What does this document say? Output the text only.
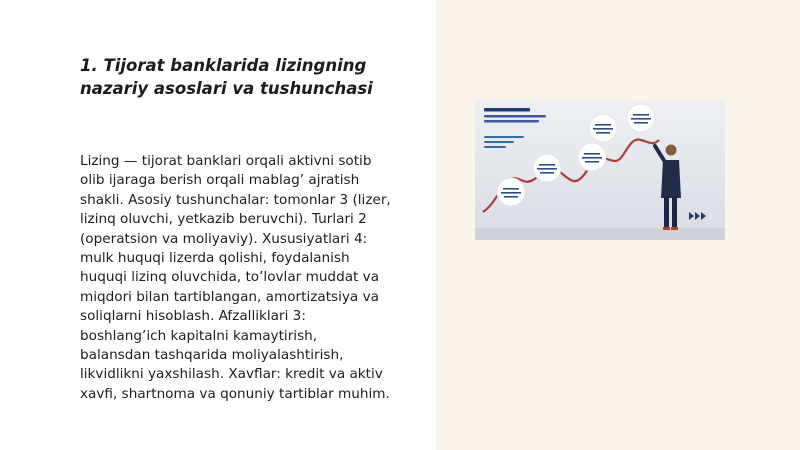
1. Tijorat banklarida lizingning
nazariy asoslari va tushunchasi
Lizing — tijorat banklari orqali aktivni sotib
olib ijaraga berish orqali mablag’ ajratish
shakli. Asosiy tushunchalar: tomonlar 3 (lizer,
lizinq oluvchi, yetkazib beruvchi). Turlari 2
(operatsion va moliyaviy). Xususiyatlari 4:
mulk huquqi lizerda qolishi, foydalanish
huquqi lizinq oluvchida, to’lovlar muddat va
miqdori bilan tartiblangan, amortizatsiya va
soliqlarni hisoblash. Afzalliklari 3:
boshlang’ich kapitalni kamaytirish,
balansdan tashqarida moliyalashtirish,
likvidlikni yaxshilash. Xavflar: kredit va aktiv
xavfi, shartnoma va qonuniy tartiblar muhim.
